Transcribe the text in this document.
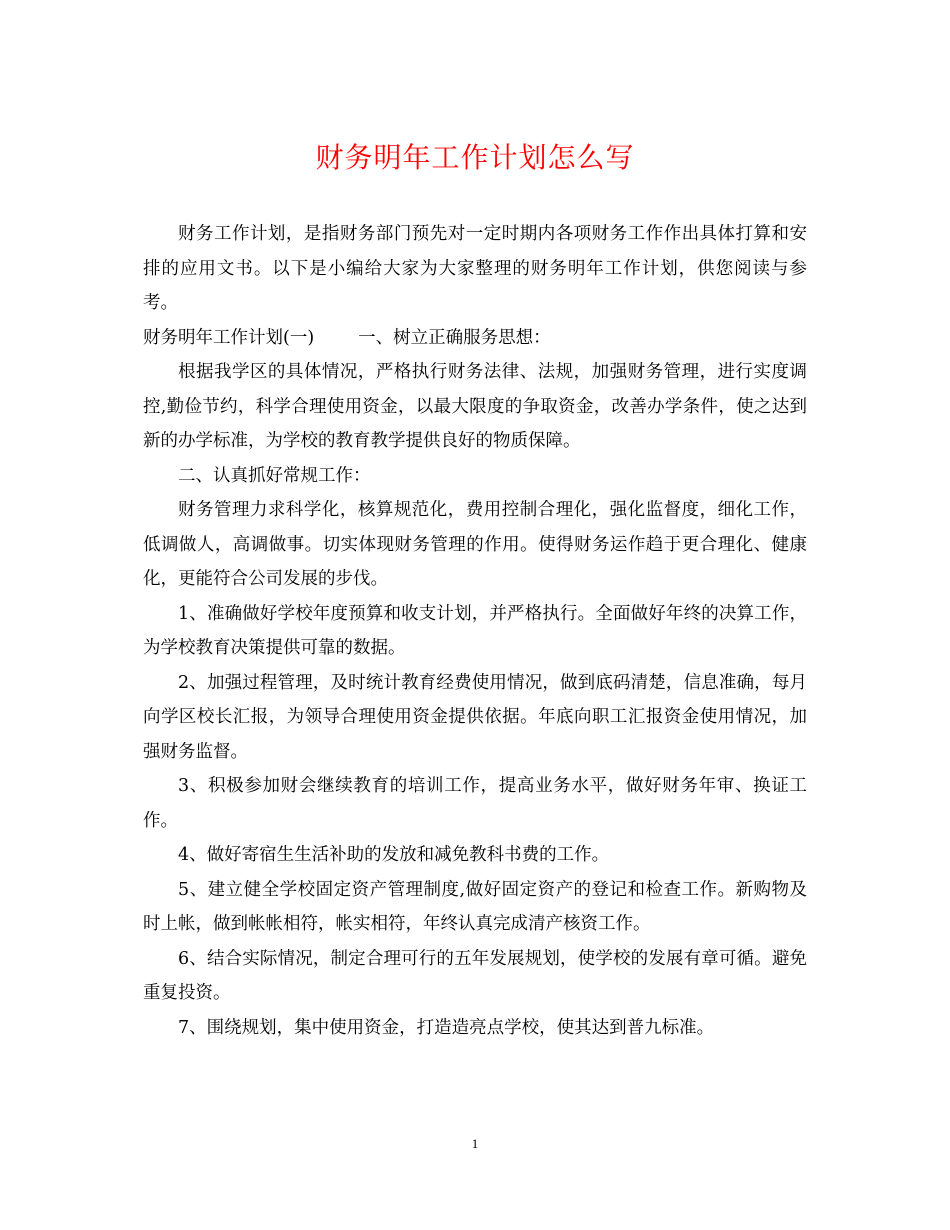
财务明年工作计划怎么写

财务工作计划，是指财务部门预先对一定时期内各项财务工作作出具体打算和安排的应用文书。以下是小编给大家为大家整理的财务明年工作计划，供您阅读与参考。

财务明年工作计划(一)	一、树立正确服务思想：

根据我学区的具体情况，严格执行财务法律、法规，加强财务管理，进行实度调控,勤俭节约，科学合理使用资金，以最大限度的争取资金，改善办学条件，使之达到新的办学标准，为学校的教育教学提供良好的物质保障。

二、认真抓好常规工作：

财务管理力求科学化，核算规范化，费用控制合理化，强化监督度，细化工作，低调做人，高调做事。切实体现财务管理的作用。使得财务运作趋于更合理化、健康化，更能符合公司发展的步伐。

1、准确做好学校年度预算和收支计划，并严格执行。全面做好年终的决算工作，为学校教育决策提供可靠的数据。

2、加强过程管理，及时统计教育经费使用情况，做到底码清楚，信息准确，每月向学区校长汇报，为领导合理使用资金提供依据。年底向职工汇报资金使用情况，加强财务监督。

3、积极参加财会继续教育的培训工作，提高业务水平，做好财务年审、换证工作。

4、做好寄宿生生活补助的发放和减免教科书费的工作。

5、建立健全学校固定资产管理制度,做好固定资产的登记和检查工作。新购物及时上帐，做到帐帐相符，帐实相符，年终认真完成清产核资工作。

6、结合实际情况，制定合理可行的五年发展规划，使学校的发展有章可循。避免重复投资。

7、围绕规划，集中使用资金，打造造亮点学校，使其达到普九标准。

1
